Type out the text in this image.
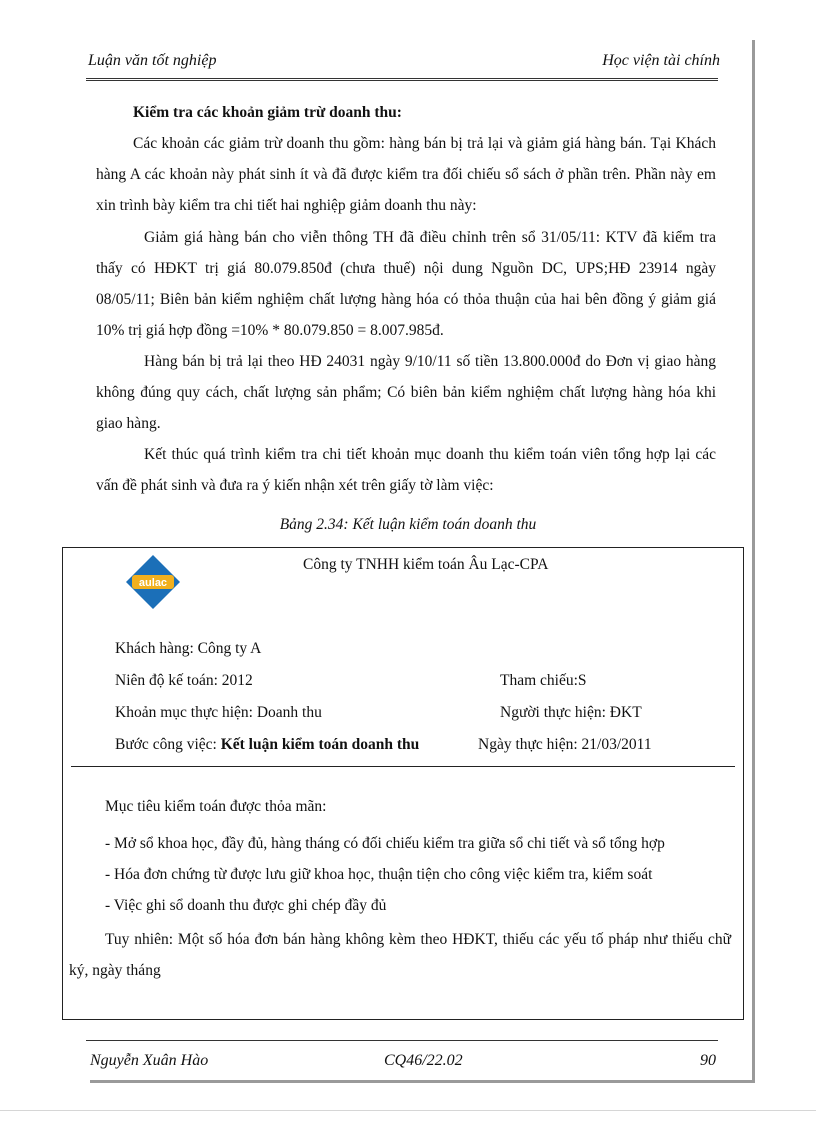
Luận văn tốt nghiệp	Học viện tài chính

Kiểm tra các khoản giảm trừ doanh thu:

Các khoản các giảm trừ doanh thu gồm: hàng bán bị trả lại và giảm giá hàng bán. Tại Khách hàng A các khoản này phát sinh ít và đã được kiểm tra đối chiếu sổ sách ở phần trên. Phần này em xin trình bày kiểm tra chi tiết hai nghiệp giảm doanh thu này:

Giảm giá hàng bán cho viễn thông TH đã điều chỉnh trên sổ 31/05/11: KTV đã kiểm tra thấy có HĐKT trị giá 80.079.850đ (chưa thuế) nội dung Nguồn DC, UPS;HĐ 23914 ngày 08/05/11; Biên bản kiểm nghiệm chất lượng hàng hóa có thỏa thuận của hai bên đồng ý giảm giá 10% trị giá hợp đồng =10% * 80.079.850 = 8.007.985đ.

Hàng bán bị trả lại theo HĐ 24031 ngày 9/10/11 số tiền 13.800.000đ do Đơn vị giao hàng không đúng quy cách, chất lượng sản phẩm; Có biên bản kiểm nghiệm chất lượng hàng hóa khi giao hàng.

Kết thúc quá trình kiểm tra chi tiết khoản mục doanh thu kiểm toán viên tổng hợp lại các vấn đề phát sinh và đưa ra ý kiến nhận xét trên giấy tờ làm việc:

Bảng 2.34: Kết luận kiểm toán doanh thu
aulac
Công ty TNHH kiểm toán Âu Lạc-CPA
Khách hàng: Công ty A
Niên độ kế toán: 2012	Tham chiếu:S
Khoản mục thực hiện: Doanh thu	Người thực hiện: ĐKT
Bước công việc: Kết luận kiểm toán doanh thu	Ngày thực hiện: 21/03/2011
Mục tiêu kiểm toán được thỏa mãn:
- Mở sổ khoa học, đầy đủ, hàng tháng có đối chiếu kiểm tra giữa sổ chi tiết và sổ tổng hợp
- Hóa đơn chứng từ được lưu giữ khoa học, thuận tiện cho công việc kiểm tra, kiểm soát
- Việc ghi sổ doanh thu được ghi chép đầy đủ
Tuy nhiên: Một số hóa đơn bán hàng không kèm theo HĐKT, thiếu các yếu tố pháp như thiếu chữ ký, ngày tháng
Nguyễn Xuân Hào	CQ46/22.02	90
